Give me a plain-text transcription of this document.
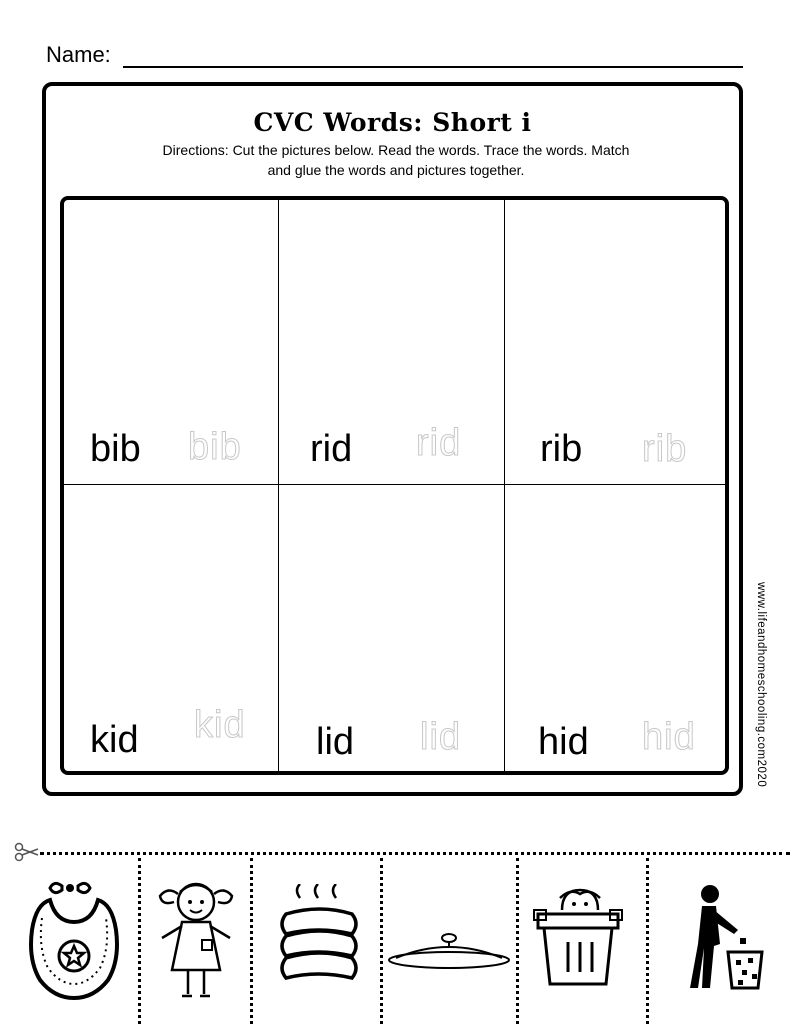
Name:
CVC Words: Short i
Directions: Cut the pictures below. Read the words. Trace the words. Match and glue the words and pictures together.
bib bib rid rid rib rib
kid kid lid lid hid hid	www.lifeandhomeschooling.com2020
